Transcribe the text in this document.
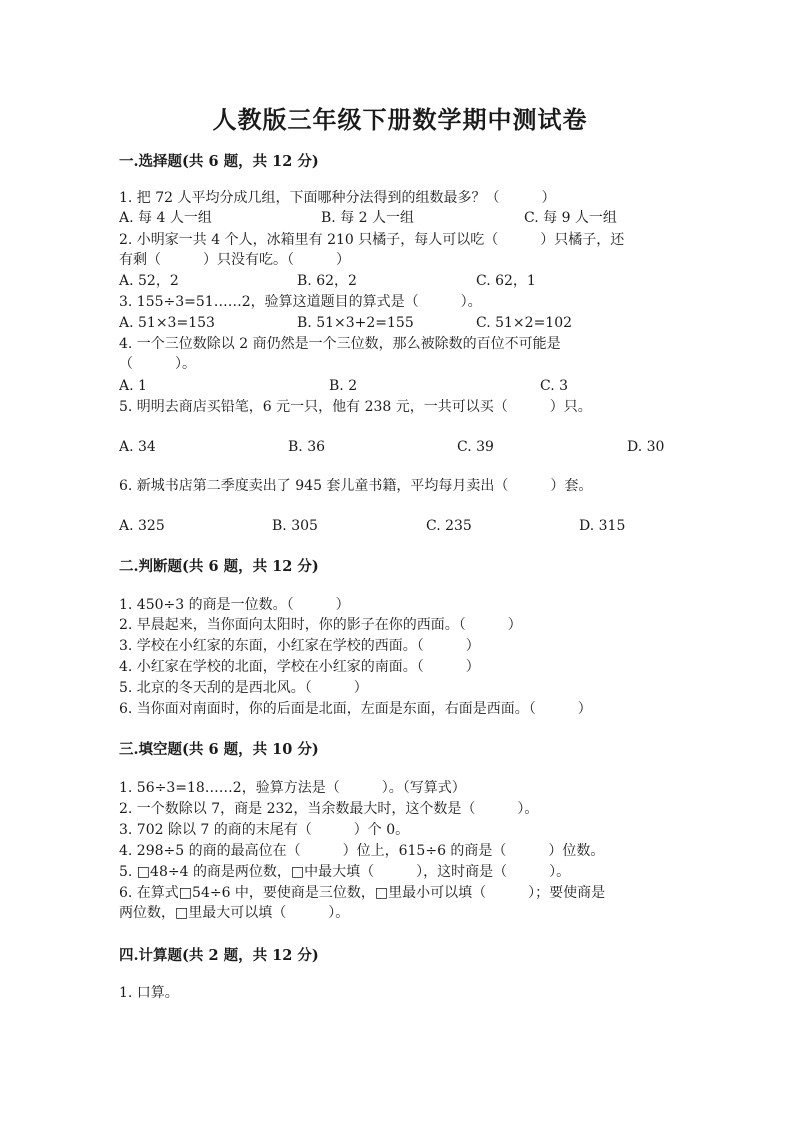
人教版三年级下册数学期中测试卷
一.选择题(共 6 题，共 12 分)
1. 把 72 人平均分成几组，下面哪种分法得到的组数最多？（　　　）
A. 每 4 人一组	B. 每 2 人一组	C. 每 9 人一组
2. 小明家一共 4 个人，冰箱里有 210 只橘子，每人可以吃（　　　）只橘子，还
有剩（　　　）只没有吃。（　　　）
A. 52，2	B. 62，2	C. 62，1
3. 155÷3=51……2，验算这道题目的算式是（　　　）。
A. 51×3=153	B. 51×3+2=155	C. 51×2=102
4. 一个三位数除以 2 商仍然是一个三位数，那么被除数的百位不可能是
（　　　）。
A. 1	B. 2	C. 3
5. 明明去商店买铅笔，6 元一只，他有 238 元，一共可以买（　　　）只。
A. 34	B. 36	C. 39	D. 30
6. 新城书店第二季度卖出了 945 套儿童书籍，平均每月卖出（　　　）套。
A. 325	B. 305	C. 235	D. 315
二.判断题(共 6 题，共 12 分)
1. 450÷3 的商是一位数。（　　　）
2. 早晨起来，当你面向太阳时，你的影子在你的西面。（　　　）
3. 学校在小红家的东面，小红家在学校的西面。（　　　）
4. 小红家在学校的北面，学校在小红家的南面。（　　　）
5. 北京的冬天刮的是西北风。（　　　）
6. 当你面对南面时，你的后面是北面，左面是东面，右面是西面。（　　　）
三.填空题(共 6 题，共 10 分)
1. 56÷3=18……2，验算方法是（　　　）。（写算式）
2. 一个数除以 7，商是 232，当余数最大时，这个数是（　　　）。
3. 702 除以 7 的商的末尾有（　　　）个 0。
4. 298÷5 的商的最高位在（　　　）位上，615÷6 的商是（　　　）位数。
5. □48÷4 的商是两位数，□中最大填（　　　），这时商是（　　　）。
6. 在算式□54÷6 中，要使商是三位数，□里最小可以填（　　　）；要使商是
两位数，□里最大可以填（　　　）。
四.计算题(共 2 题，共 12 分)
1. 口算。
